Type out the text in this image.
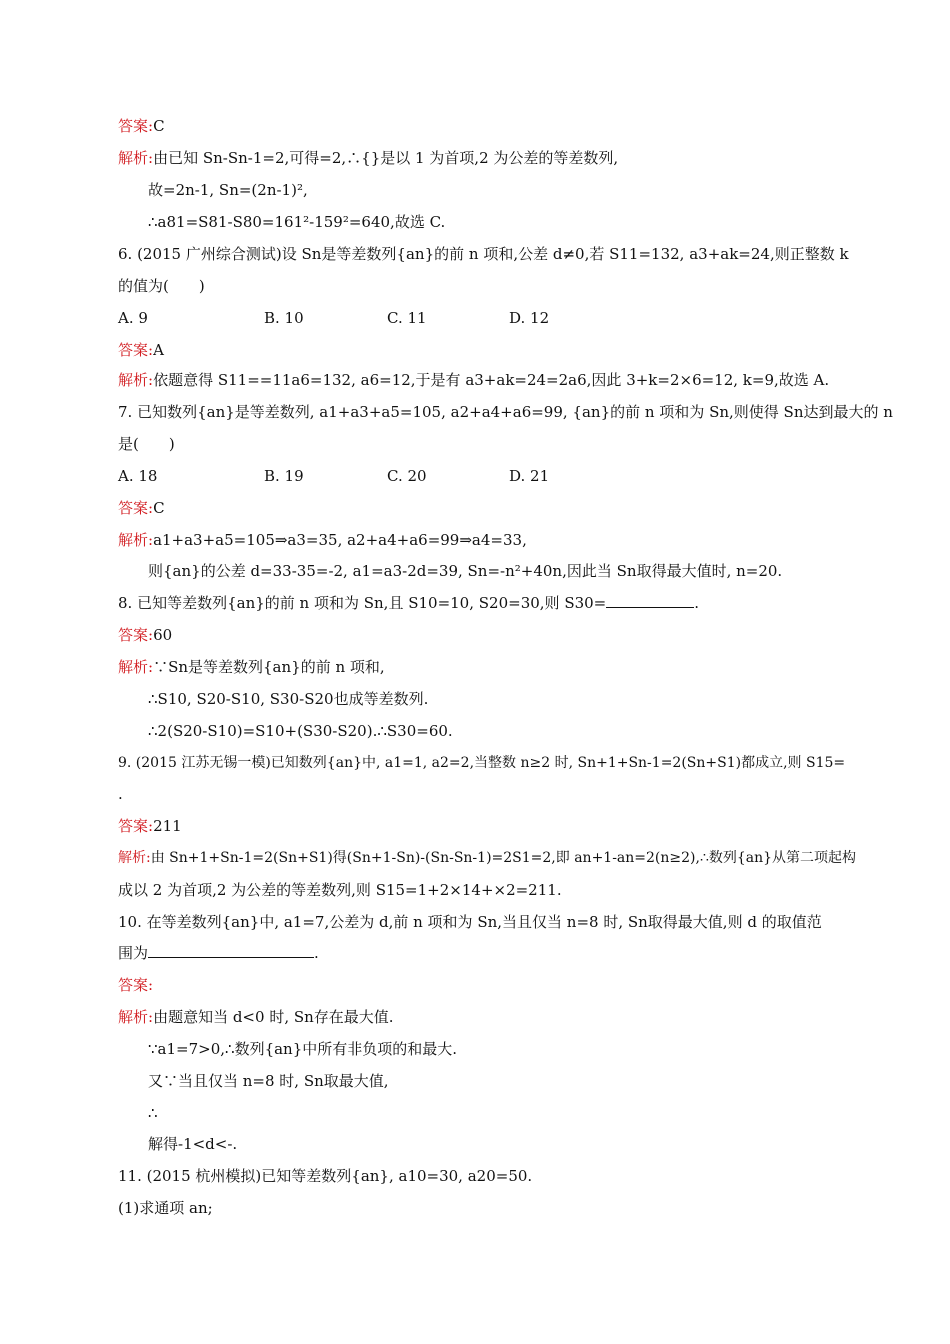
答案:C
解析:由已知 Sn-Sn-1=2,可得=2,∴{}是以 1 为首项,2 为公差的等差数列,
故=2n-1, Sn=(2n-1)²,
∴a81=S81-S80=161²-159²=640,故选 C.
6. (2015 广州综合测试)设 Sn是等差数列{an}的前 n 项和,公差 d≠0,若 S11=132, a3+ak=24,则正整数 k
的值为(　　)
A. 9	B. 10	C. 11	D. 12
答案:A
解析:依题意得 S11==11a6=132, a6=12,于是有 a3+ak=24=2a6,因此 3+k=2×6=12, k=9,故选 A.
7. 已知数列{an}是等差数列, a1+a3+a5=105, a2+a4+a6=99, {an}的前 n 项和为 Sn,则使得 Sn达到最大的 n
是(　　)
A. 18	B. 19	C. 20	D. 21
答案:C
解析:a1+a3+a5=105⇒a3=35, a2+a4+a6=99⇒a4=33,
则{an}的公差 d=33-35=-2, a1=a3-2d=39, Sn=-n²+40n,因此当 Sn取得最大值时, n=20.
8. 已知等差数列{an}的前 n 项和为 Sn,且 S10=10, S20=30,则 S30=	.
答案:60
解析:∵Sn是等差数列{an}的前 n 项和,
∴S10, S20-S10, S30-S20也成等差数列.
∴2(S20-S10)=S10+(S30-S20).∴S30=60.
9. (2015 江苏无锡一模)已知数列{an}中, a1=1, a2=2,当整数 n≥2 时, Sn+1+Sn-1=2(Sn+S1)都成立,则 S15=
.
答案:211
解析:由 Sn+1+Sn-1=2(Sn+S1)得(Sn+1-Sn)-(Sn-Sn-1)=2S1=2,即 an+1-an=2(n≥2),∴数列{an}从第二项起构
成以 2 为首项,2 为公差的等差数列,则 S15=1+2×14+×2=211.
10. 在等差数列{an}中, a1=7,公差为 d,前 n 项和为 Sn,当且仅当 n=8 时, Sn取得最大值,则 d 的取值范
围为	.
答案:
解析:由题意知当 d<0 时, Sn存在最大值.
∵a1=7>0,∴数列{an}中所有非负项的和最大.
又∵当且仅当 n=8 时, Sn取最大值,
∴
解得-1<d<-.
11. (2015 杭州模拟)已知等差数列{an}, a10=30, a20=50.
(1)求通项 an;
